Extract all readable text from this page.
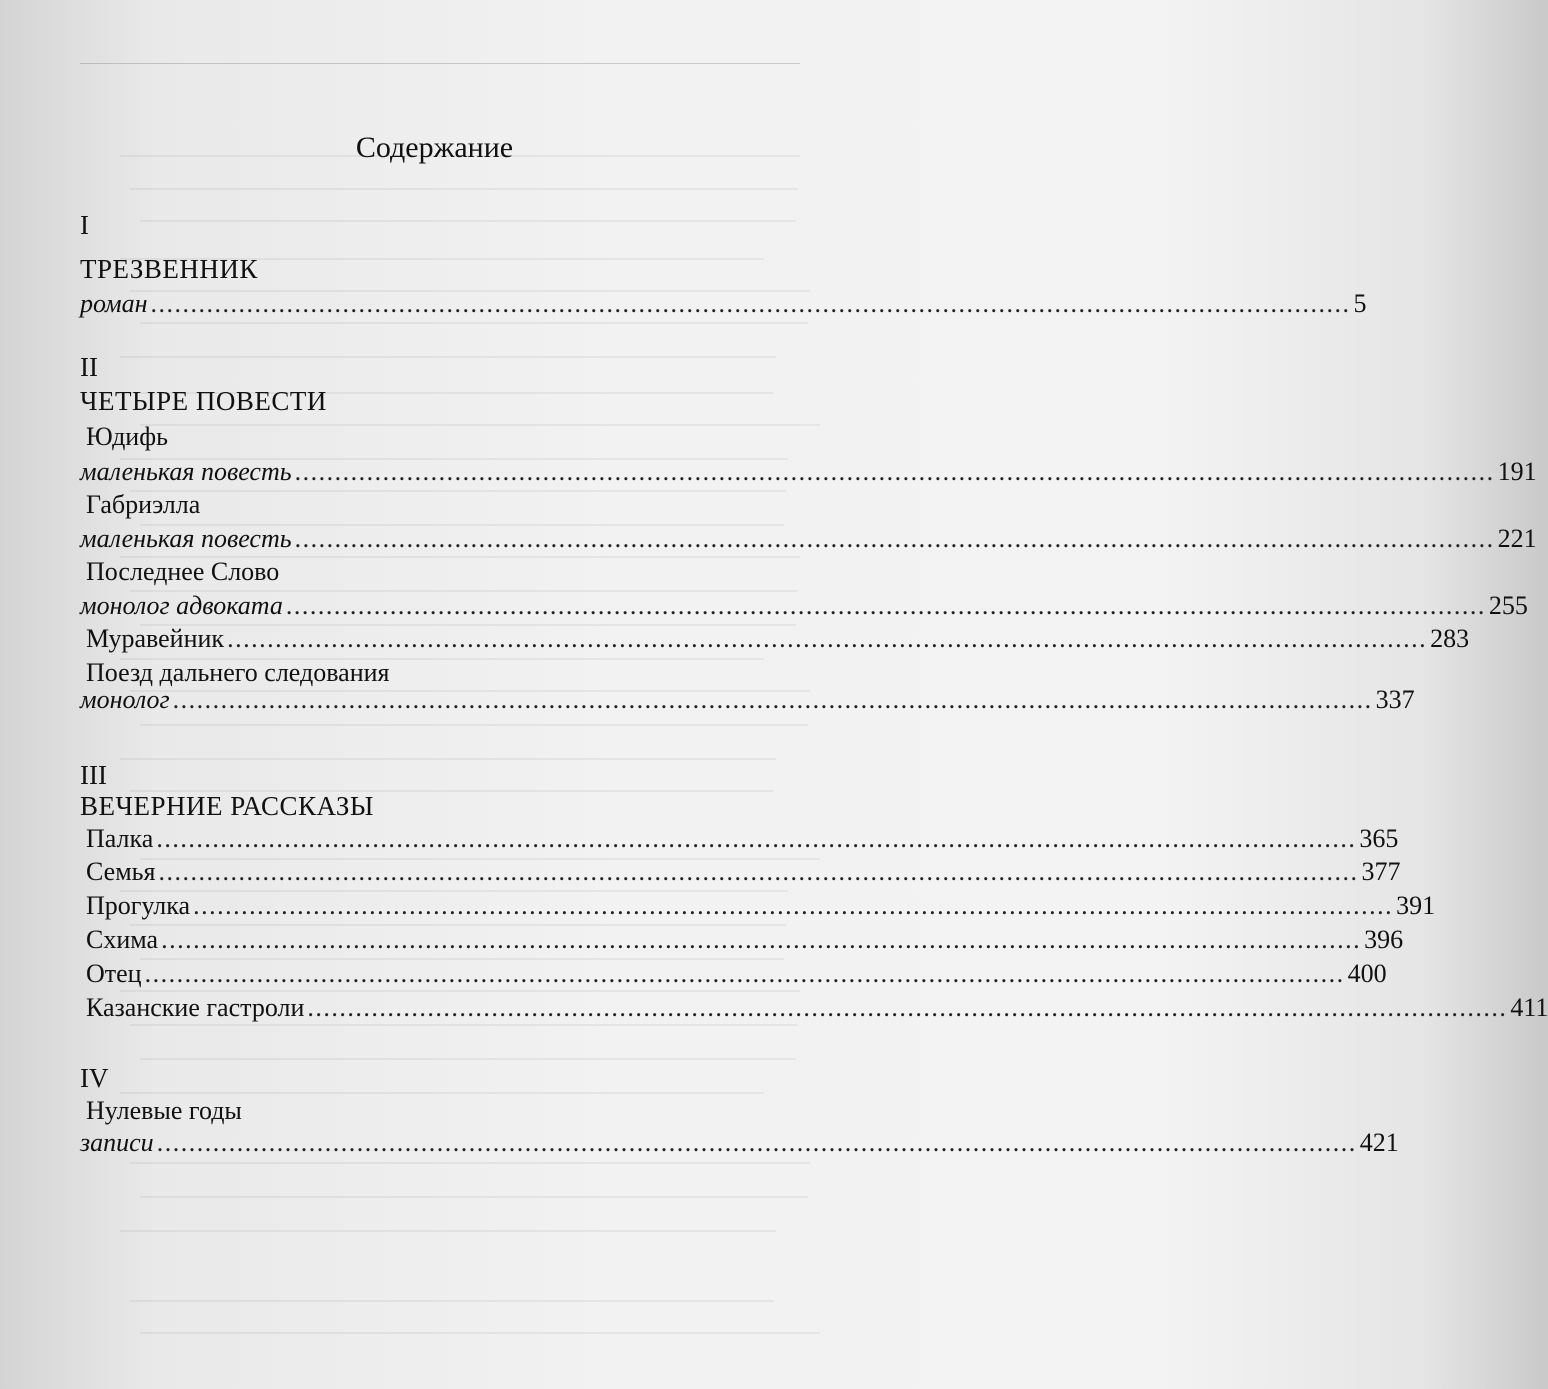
Содержание
I
ТРЕЗВЕННИК
роман ...................................................................................................................................................... 5
II
ЧЕТЫРЕ ПОВЕСТИ
Юдифь
маленькая повесть ...................................................................................................................................................... 191
Габриэлла
маленькая повесть ...................................................................................................................................................... 221
Последнее Слово
монолог адвоката ...................................................................................................................................................... 255
Муравейник ...................................................................................................................................................... 283
Поезд дальнего следования
монолог ...................................................................................................................................................... 337
III
ВЕЧЕРНИЕ РАССКАЗЫ
Палка ...................................................................................................................................................... 365
Семья ...................................................................................................................................................... 377
Прогулка ...................................................................................................................................................... 391
Схима ...................................................................................................................................................... 396
Отец ...................................................................................................................................................... 400
Казанские гастроли ...................................................................................................................................................... 411
IV
Нулевые годы
записи ...................................................................................................................................................... 421
